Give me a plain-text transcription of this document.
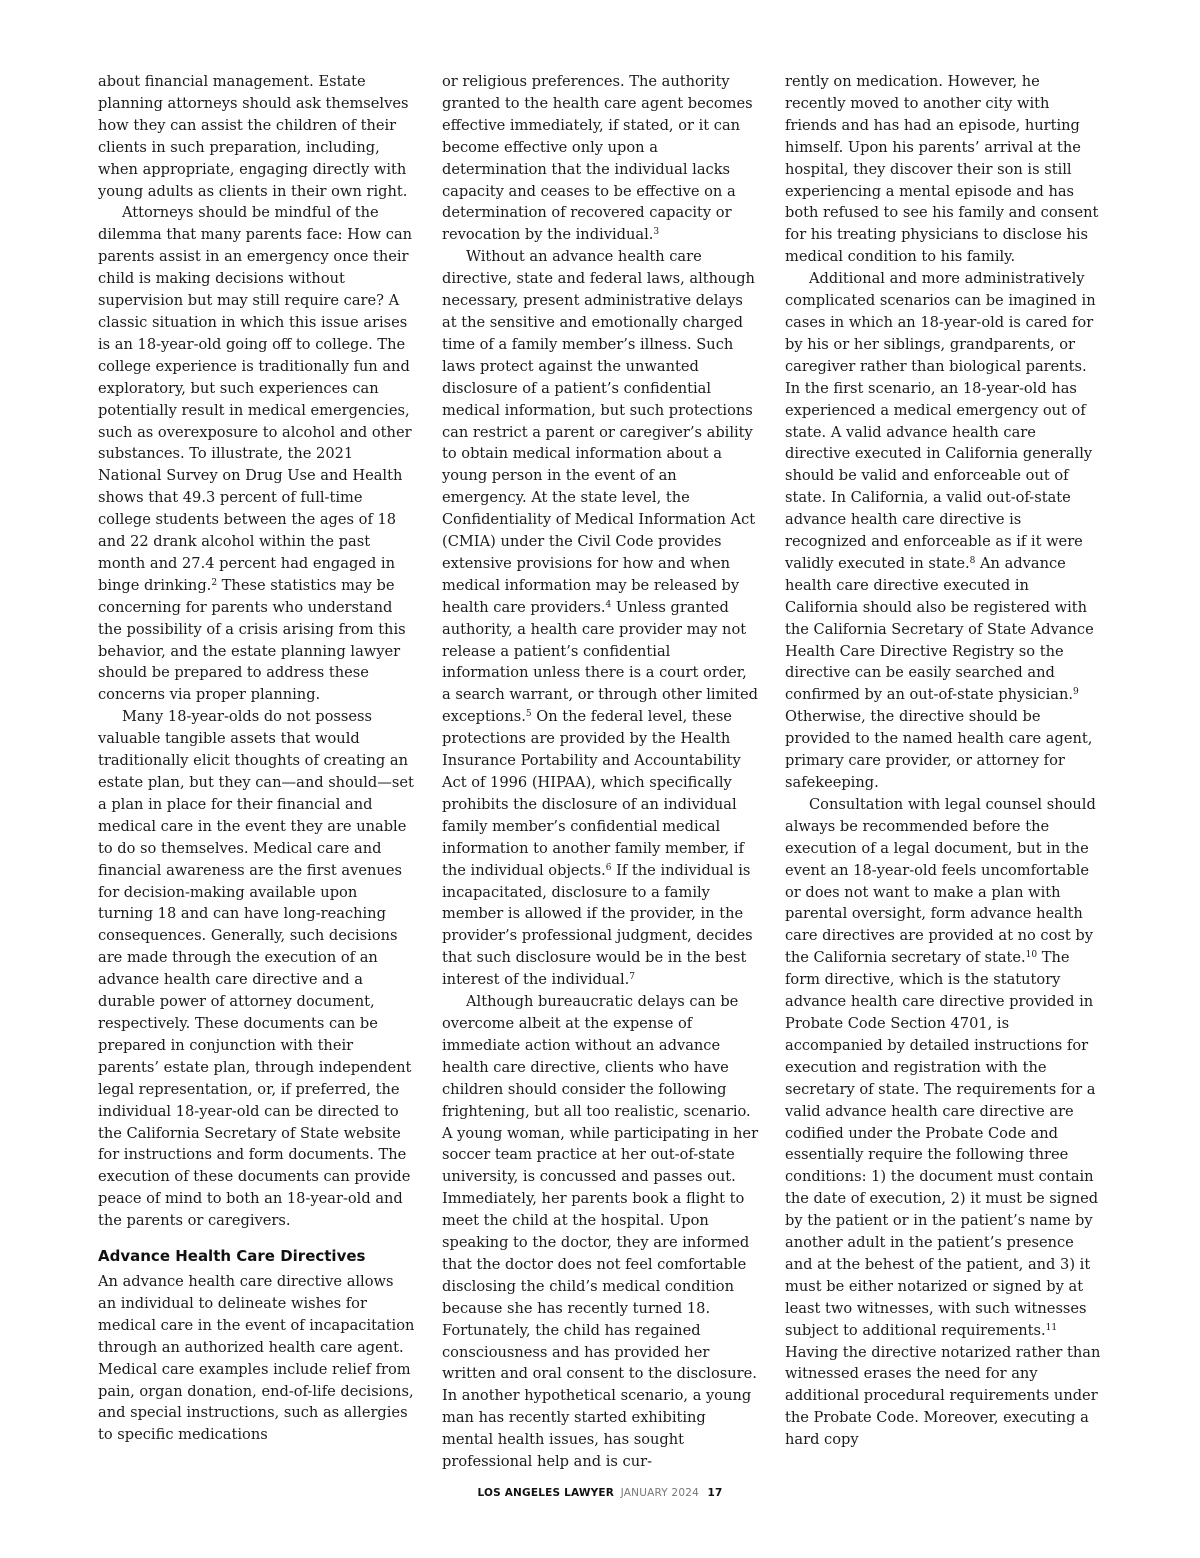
about financial management. Estate planning attorneys should ask themselves how they can assist the children of their clients in such preparation, including, when appropriate, engaging directly with young adults as clients in their own right.

Attorneys should be mindful of the dilemma that many parents face: How can parents assist in an emergency once their child is making decisions without supervision but may still require care? A classic situation in which this issue arises is an 18-year-old going off to college. The college experience is traditionally fun and exploratory, but such experiences can potentially result in medical emergencies, such as overexposure to alcohol and other substances. To illustrate, the 2021 National Survey on Drug Use and Health shows that 49.3 percent of full-time college students between the ages of 18 and 22 drank alcohol within the past month and 27.4 percent had engaged in binge drinking.$^2$ These statistics may be concerning for parents who understand the possibility of a crisis arising from this behavior, and the estate planning lawyer should be prepared to address these concerns via proper planning.

Many 18-year-olds do not possess valuable tangible assets that would traditionally elicit thoughts of creating an estate plan, but they can—and should—set a plan in place for their financial and medical care in the event they are unable to do so themselves. Medical care and financial awareness are the first avenues for decision-making available upon turning 18 and can have long-reaching consequences. Generally, such decisions are made through the execution of an advance health care directive and a durable power of attorney document, respectively. These documents can be prepared in conjunction with their parents’ estate plan, through independent legal representation, or, if preferred, the individual 18-year-old can be directed to the California Secretary of State website for instructions and form documents. The execution of these documents can provide peace of mind to both an 18-year-old and the parents or caregivers.

Advance Health Care Directives

An advance health care directive allows an individual to delineate wishes for medical care in the event of incapacitation through an authorized health care agent. Medical care examples include relief from pain, organ donation, end-of-life decisions, and special instructions, such as allergies to specific medications

or religious preferences. The authority granted to the health care agent becomes effective immediately, if stated, or it can become effective only upon a determination that the individual lacks capacity and ceases to be effective on a determination of recovered capacity or revocation by the individual.$^3$

Without an advance health care directive, state and federal laws, although necessary, present administrative delays at the sensitive and emotionally charged time of a family member’s illness. Such laws protect against the unwanted disclosure of a patient’s confidential medical information, but such protections can restrict a parent or caregiver’s ability to obtain medical information about a young person in the event of an emergency. At the state level, the Confidentiality of Medical Information Act (CMIA) under the Civil Code provides extensive provisions for how and when medical information may be released by health care providers.$^4$ Unless granted authority, a health care provider may not release a patient’s confidential information unless there is a court order, a search warrant, or through other limited exceptions.$^5$ On the federal level, these protections are provided by the Health Insurance Portability and Accountability Act of 1996 (HIPAA), which specifically prohibits the disclosure of an individual family member’s confidential medical information to another family member, if the individual objects.$^6$ If the individual is incapacitated, disclosure to a family member is allowed if the provider, in the provider’s professional judgment, decides that such disclosure would be in the best interest of the individual.$^7$

Although bureaucratic delays can be overcome albeit at the expense of immediate action without an advance health care directive, clients who have children should consider the following frightening, but all too realistic, scenario. A young woman, while participating in her soccer team practice at her out-of-state university, is concussed and passes out. Immediately, her parents book a flight to meet the child at the hospital. Upon speaking to the doctor, they are informed that the doctor does not feel comfortable disclosing the child’s medical condition because she has recently turned 18. Fortunately, the child has regained consciousness and has provided her written and oral consent to the disclosure. In another hypothetical scenario, a young man has recently started exhibiting mental health issues, has sought professional help and is cur-

rently on medication. However, he recently moved to another city with friends and has had an episode, hurting himself. Upon his parents’ arrival at the hospital, they discover their son is still experiencing a mental episode and has both refused to see his family and consent for his treating physicians to disclose his medical condition to his family.

Additional and more administratively complicated scenarios can be imagined in cases in which an 18-year-old is cared for by his or her siblings, grandparents, or caregiver rather than biological parents. In the first scenario, an 18-year-old has experienced a medical emergency out of state. A valid advance health care directive executed in California generally should be valid and enforceable out of state. In California, a valid out-of-state advance health care directive is recognized and enforceable as if it were validly executed in state.$^8$ An advance health care directive executed in California should also be registered with the California Secretary of State Advance Health Care Directive Registry so the directive can be easily searched and confirmed by an out-of-state physician.$^9$ Otherwise, the directive should be provided to the named health care agent, primary care provider, or attorney for safekeeping.

Consultation with legal counsel should always be recommended before the execution of a legal document, but in the event an 18-year-old feels uncomfortable or does not want to make a plan with parental oversight, form advance health care directives are provided at no cost by the California secretary of state.$^{10}$ The form directive, which is the statutory advance health care directive provided in Probate Code Section 4701, is accompanied by detailed instructions for execution and registration with the secretary of state. The requirements for a valid advance health care directive are codified under the Probate Code and essentially require the following three conditions: 1) the document must contain the date of execution, 2) it must be signed by the patient or in the patient’s name by another adult in the patient’s presence and at the behest of the patient, and 3) it must be either notarized or signed by at least two witnesses, with such witnesses subject to additional requirements.$^{11}$ Having the directive notarized rather than witnessed erases the need for any additional procedural requirements under the Probate Code. Moreover, executing a hard copy

LOS ANGELES LAWYER JANUARY 2024 17
